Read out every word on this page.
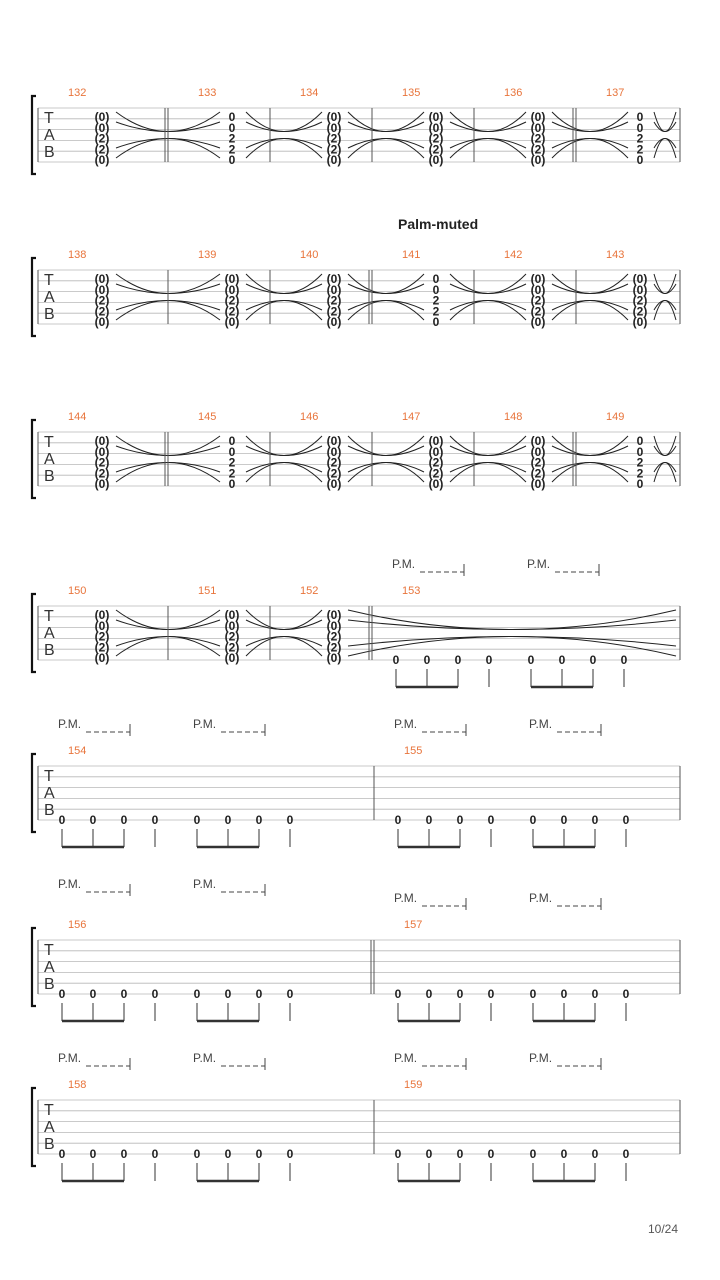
T
A
B
132
(0)
(0)
(2)
(2)
(0)
133
0
0
2
2
0
134
(0)
(0)
(2)
(2)
(0)
135
(0)
(0)
(2)
(2)
(0)
136
(0)
(0)
(2)
(2)
(0)
137
0
0
2
2
0
T
A
B
138
(0)
(0)
(2)
(2)
(0)
139
(0)
(0)
(2)
(2)
(0)
140
(0)
(0)
(2)
(2)
(0)
141
0
0
2
2
0
142
(0)
(0)
(2)
(2)
(0)
143
(0)
(0)
(2)
(2)
(0)
T
A
B
144
(0)
(0)
(2)
(2)
(0)
145
0
0
2
2
0
146
(0)
(0)
(2)
(2)
(0)
147
(0)
(0)
(2)
(2)
(0)
148
(0)
(0)
(2)
(2)
(0)
149
0
0
2
2
0
T
A
B
150
(0)
(0)
(2)
(2)
(0)
151
(0)
(0)
(2)
(2)
(0)
152
(0)
(0)
(2)
(2)
(0)
153
0 0 0 0	0 0 0 0
P.M.	P.M.
T
A
B
154
0 0 0 0	0 0 0 0
P.M.	P.M.
155
0 0 0 0	0 0 0 0
P.M.	P.M.
T
A
B
156
0 0 0 0	0 0 0 0
P.M.	P.M.
157
0 0 0 0	0 0 0 0
P.M.	P.M.
T
A
B
158
0 0 0 0	0 0 0 0
P.M.	P.M.
159
0 0 0 0	0 0 0 0
P.M.	P.M.
Palm-muted
10/24
